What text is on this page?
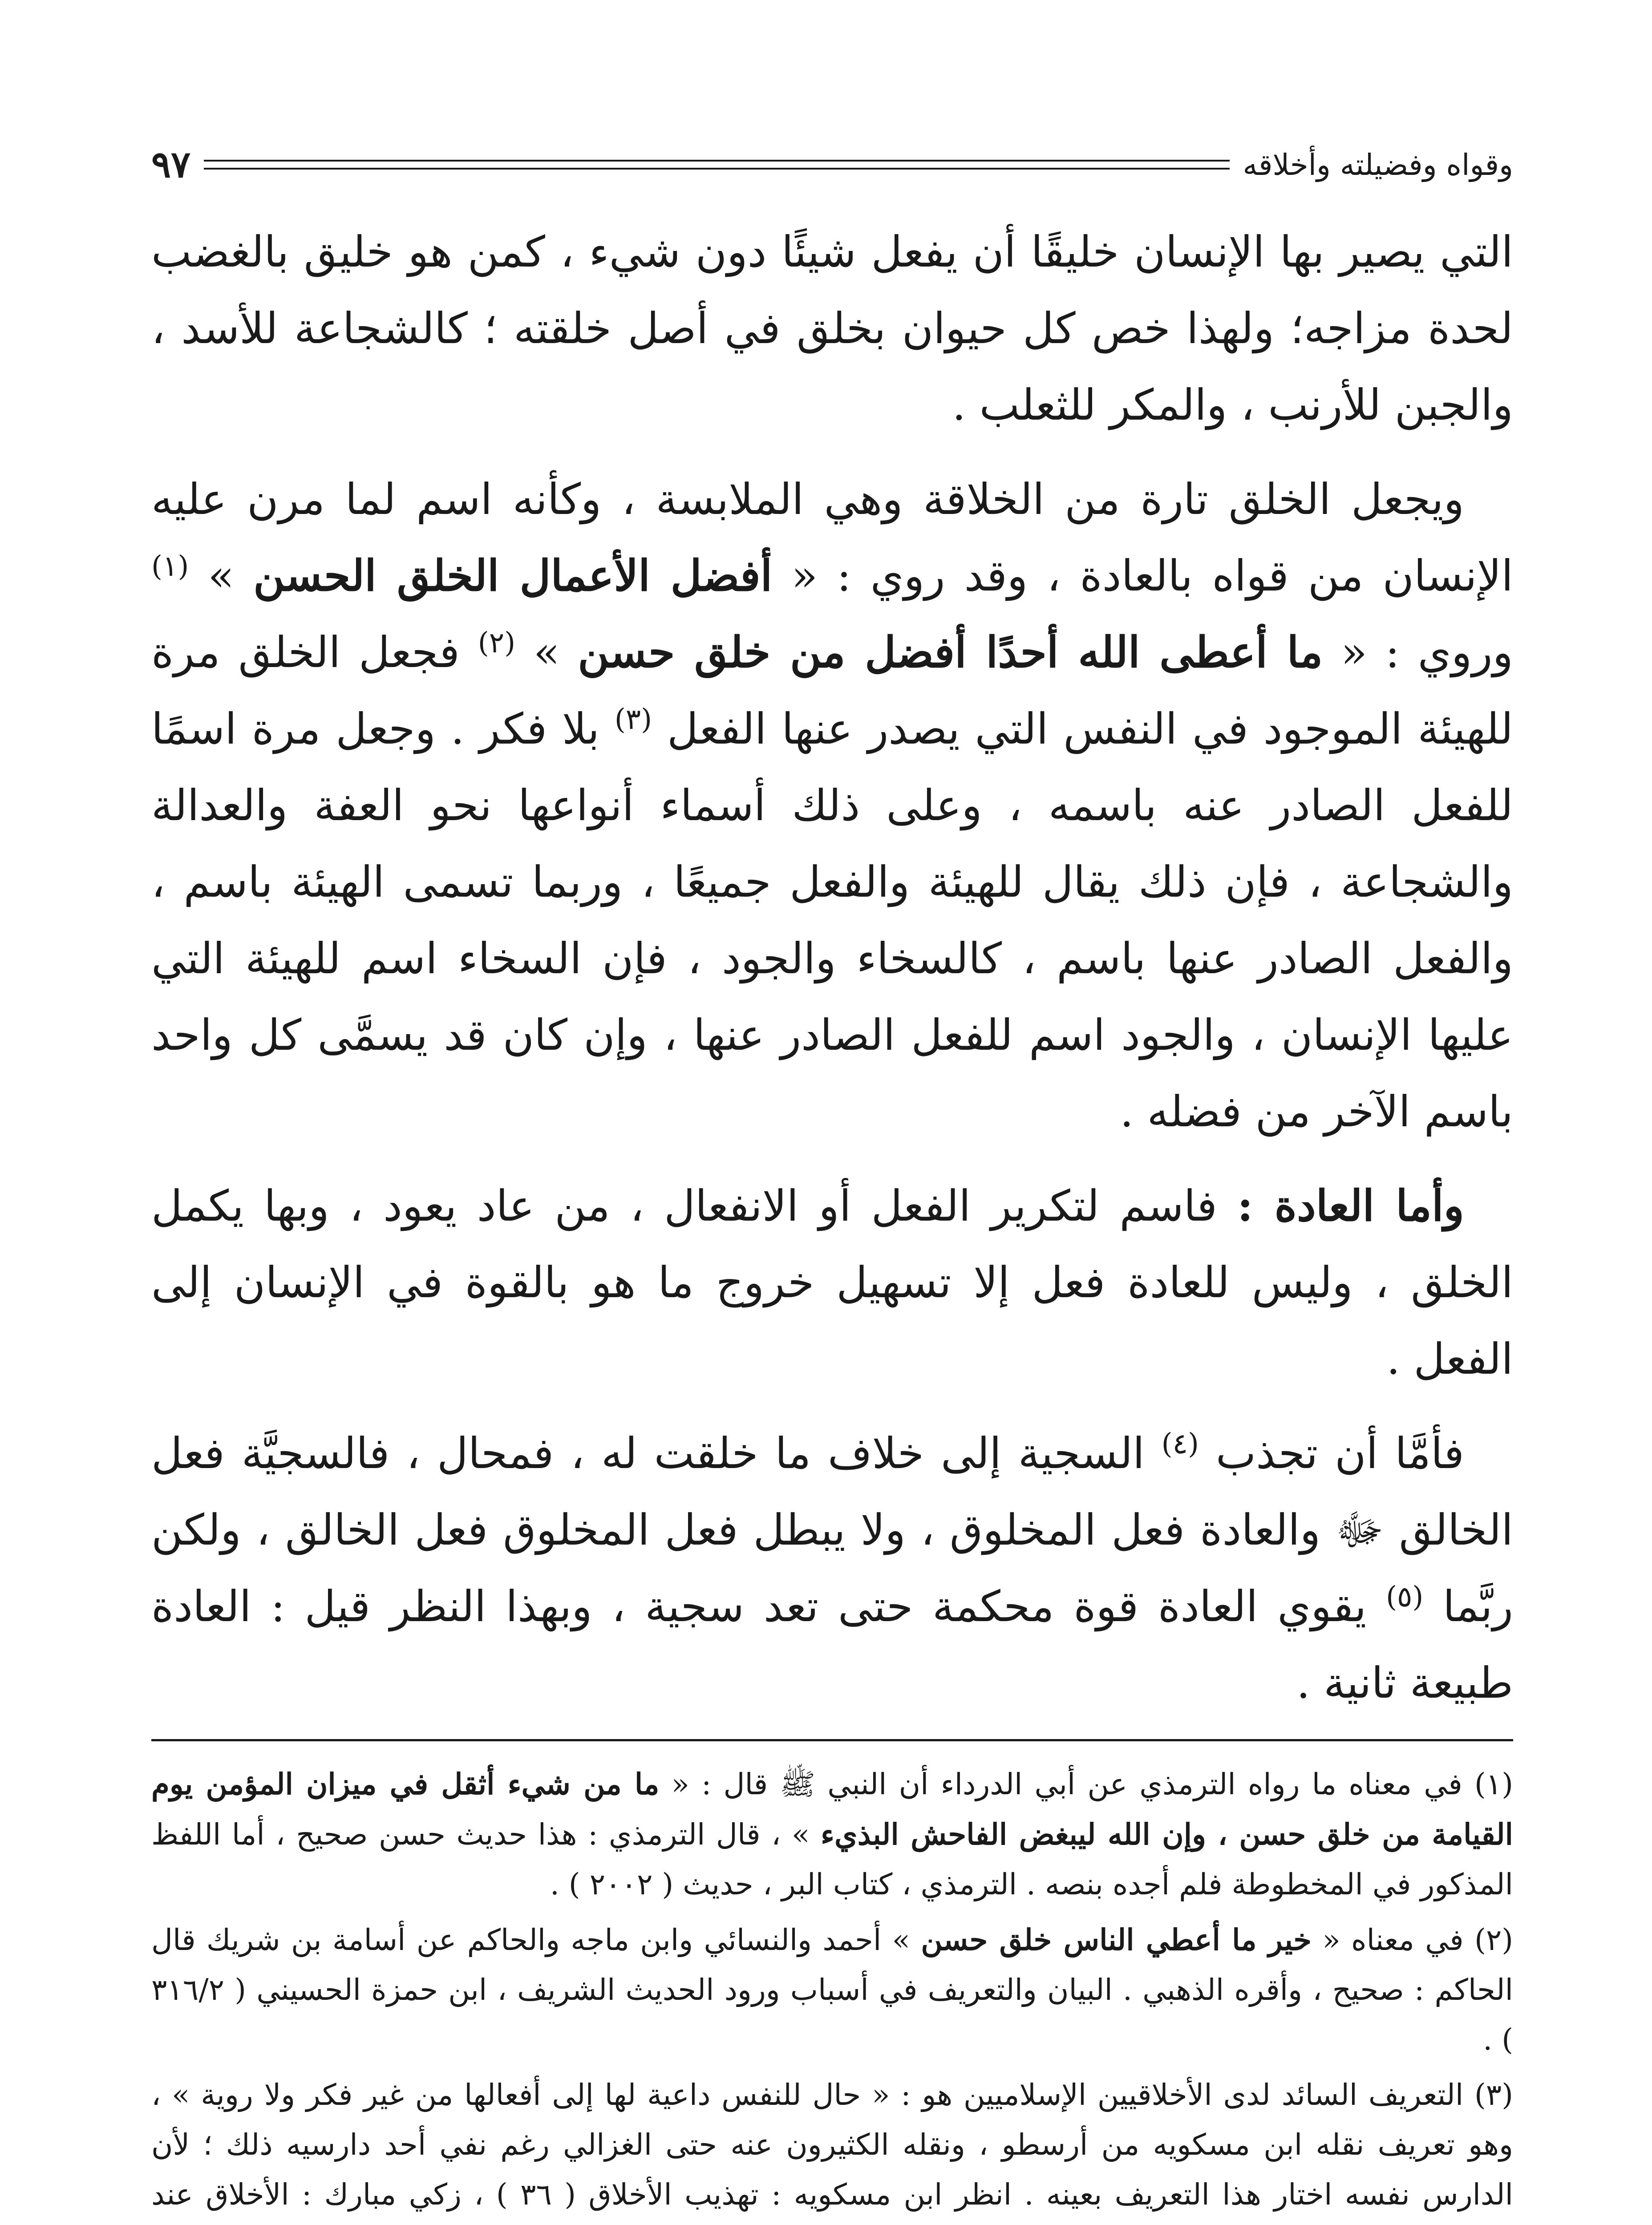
وقواه وفضيلته وأخلاقه
٩٧

التي يصير بها الإنسان خليقًا أن يفعل شيئًا دون شيء ، كمن هو خليق بالغضب لحدة مزاجه؛ ولهذا خص كل حيوان بخلق في أصل خلقته ؛ كالشجاعة للأسد ، والجبن للأرنب ، والمكر للثعلب .

ويجعل الخلق تارة من الخلاقة وهي الملابسة ، وكأنه اسم لما مرن عليه الإنسان من قواه بالعادة ، وقد روي : « أفضل الأعمال الخلق الحسن » $^{(١)}$ وروي : « ما أعطى الله أحدًا أفضل من خلق حسن » $^{(٢)}$ فجعل الخلق مرة للهيئة الموجود في النفس التي يصدر عنها الفعل $^{(٣)}$ بلا فكر . وجعل مرة اسمًا للفعل الصادر عنه باسمه ، وعلى ذلك أسماء أنواعها نحو العفة والعدالة والشجاعة ، فإن ذلك يقال للهيئة والفعل جميعًا ، وربما تسمى الهيئة باسم ، والفعل الصادر عنها باسم ، كالسخاء والجود ، فإن السخاء اسم للهيئة التي عليها الإنسان ، والجود اسم للفعل الصادر عنها ، وإن كان قد يسمَّى كل واحد باسم الآخر من فضله .

وأما العادة : فاسم لتكرير الفعل أو الانفعال ، من عاد يعود ، وبها يكمل الخلق ، وليس للعادة فعل إلا تسهيل خروج ما هو بالقوة في الإنسان إلى الفعل .

فأمَّا أن تجذب $^{(٤)}$ السجية إلى خلاف ما خلقت له ، فمحال ، فالسجيَّة فعل الخالق ﷻ والعادة فعل المخلوق ، ولا يبطل فعل المخلوق فعل الخالق ، ولكن ربَّما $^{(٥)}$ يقوي العادة قوة محكمة حتى تعد سجية ، وبهذا النظر قيل : العادة طبيعة ثانية .

(١) في معناه ما رواه الترمذي عن أبي الدرداء أن النبي ﷺ قال : « ما من شيء أثقل في ميزان المؤمن يوم القيامة من خلق حسن ، وإن الله ليبغض الفاحش البذيء » ، قال الترمذي : هذا حديث حسن صحيح ، أما اللفظ المذكور في المخطوطة فلم أجده بنصه . الترمذي ، كتاب البر ، حديث ( ٢٠٠٢ ) .

(٢) في معناه « خير ما أعطي الناس خلق حسن » أحمد والنسائي وابن ماجه والحاكم عن أسامة بن شريك قال الحاكم : صحيح ، وأقره الذهبي . البيان والتعريف في أسباب ورود الحديث الشريف ، ابن حمزة الحسيني ( ٣١٦/٢ ) .

(٣) التعريف السائد لدى الأخلاقيين الإسلاميين هو : « حال للنفس داعية لها إلى أفعالها من غير فكر ولا روية » ، وهو تعريف نقله ابن مسكويه من أرسطو ، ونقله الكثيرون عنه حتى الغزالي رغم نفي أحد دارسيه ذلك ؛ لأن الدارس نفسه اختار هذا التعريف بعينه . انظر ابن مسكويه : تهذيب الأخلاق ( ٣٦ ) ، زكي مبارك : الأخلاق عند
